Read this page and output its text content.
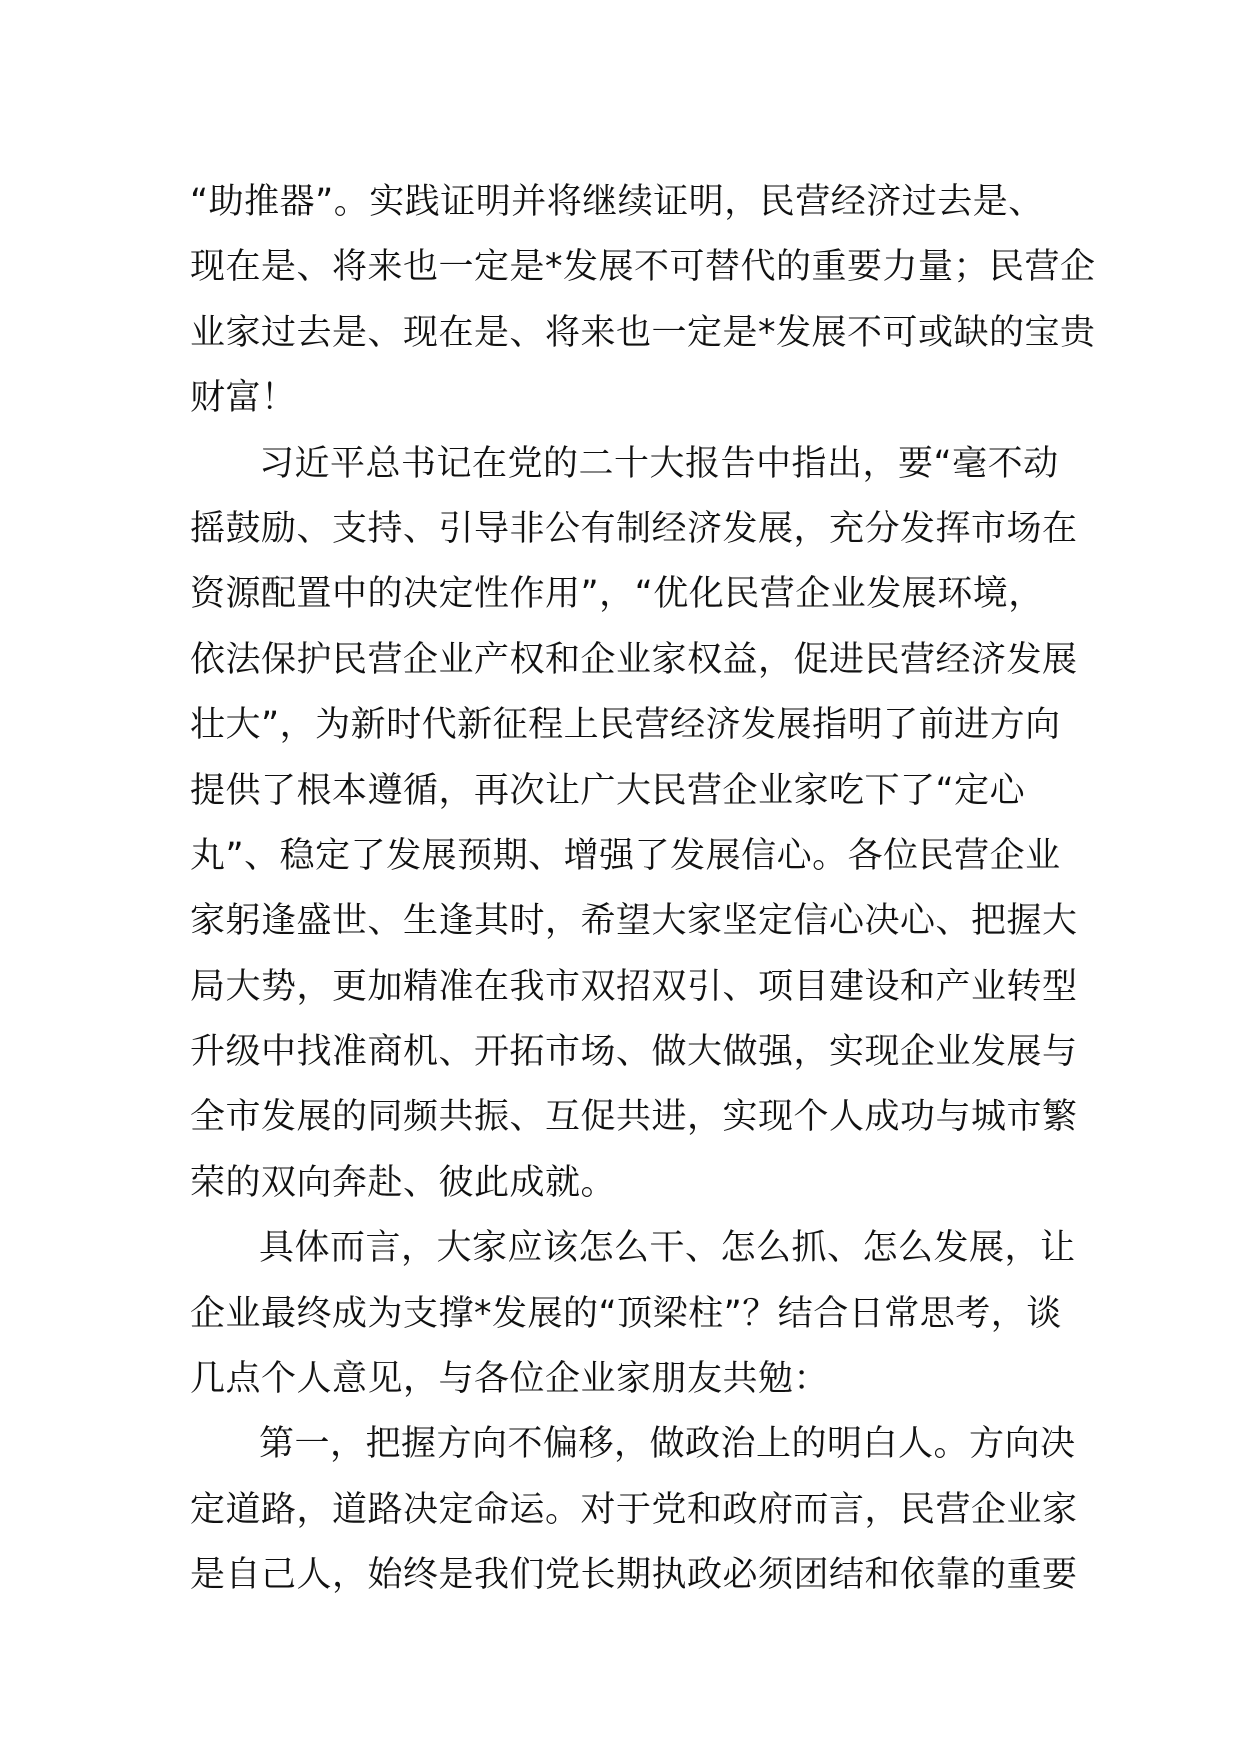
“助推器”。实践证明并将继续证明，民营经济过去是、
现在是、将来也一定是*发展不可替代的重要力量；民营企
业家过去是、现在是、将来也一定是*发展不可或缺的宝贵
财富！
习近平总书记在党的二十大报告中指出，要“毫不动
摇鼓励、支持、引导非公有制经济发展，充分发挥市场在
资源配置中的决定性作用”，“优化民营企业发展环境，
依法保护民营企业产权和企业家权益，促进民营经济发展
壮大”，为新时代新征程上民营经济发展指明了前进方向
提供了根本遵循，再次让广大民营企业家吃下了“定心
丸”、稳定了发展预期、增强了发展信心。各位民营企业
家躬逢盛世、生逢其时，希望大家坚定信心决心、把握大
局大势，更加精准在我市双招双引、项目建设和产业转型
升级中找准商机、开拓市场、做大做强，实现企业发展与
全市发展的同频共振、互促共进，实现个人成功与城市繁
荣的双向奔赴、彼此成就。
具体而言，大家应该怎么干、怎么抓、怎么发展，让
企业最终成为支撑*发展的“顶梁柱”？结合日常思考，谈
几点个人意见，与各位企业家朋友共勉：
第一，把握方向不偏移，做政治上的明白人。方向决
定道路，道路决定命运。对于党和政府而言，民营企业家
是自己人，始终是我们党长期执政必须团结和依靠的重要
